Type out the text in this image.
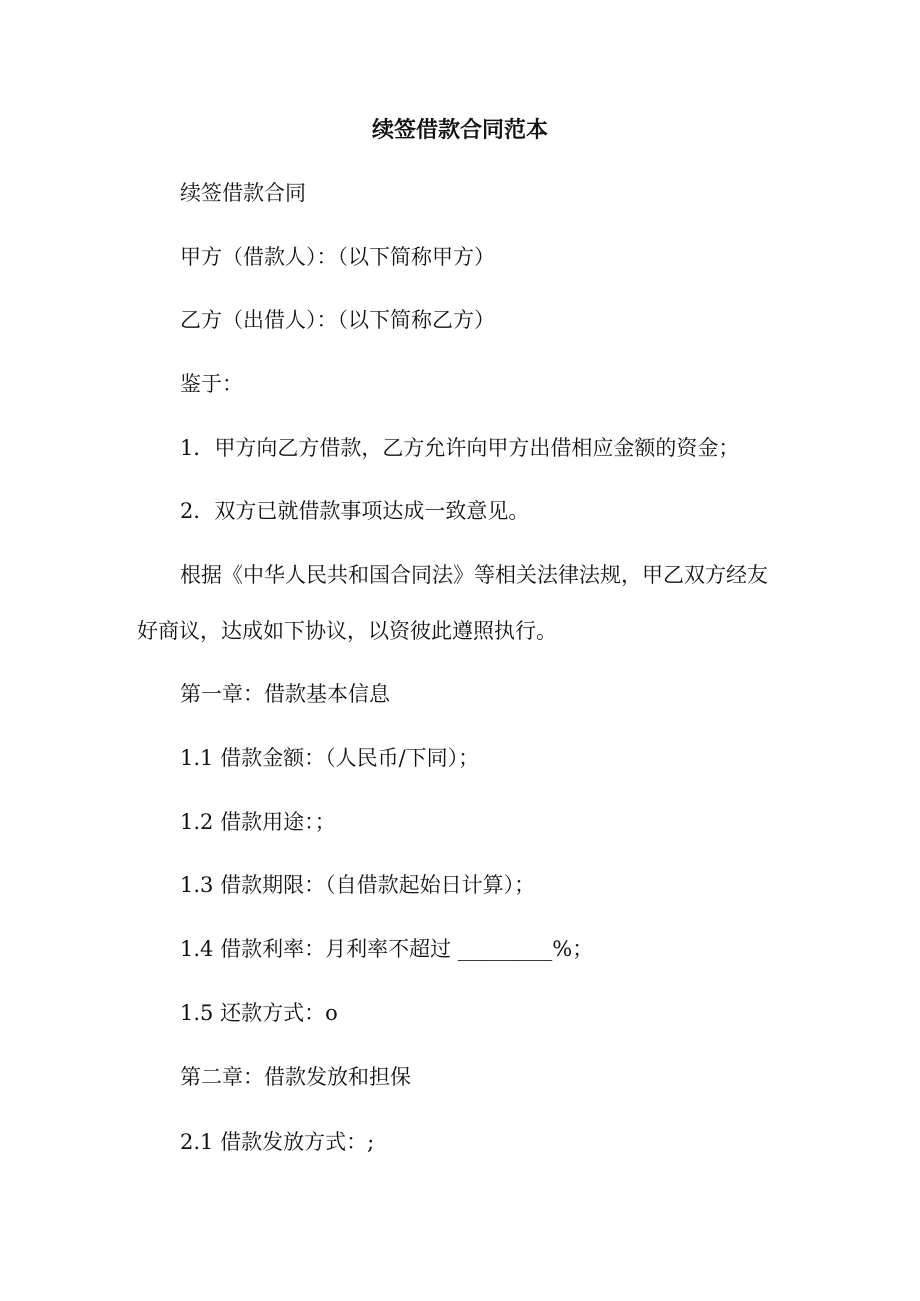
续签借款合同范本
续签借款合同
甲方（借款人）：（以下简称甲方）
乙方（出借人）：（以下简称乙方）
鉴于：
1．甲方向乙方借款，乙方允许向甲方出借相应金额的资金；
2．双方已就借款事项达成一致意见。
根据《中华人民共和国合同法》等相关法律法规，甲乙双方经友
好商议，达成如下协议，以资彼此遵照执行。
第一章：借款基本信息
1.1 借款金额：（人民币/下同）；
1.2 借款用途：；
1.3 借款期限：（自借款起始日计算）；
1.4 借款利率：月利率不超过 _________%；
1.5 还款方式：o
第二章：借款发放和担保
2.1 借款发放方式：;
